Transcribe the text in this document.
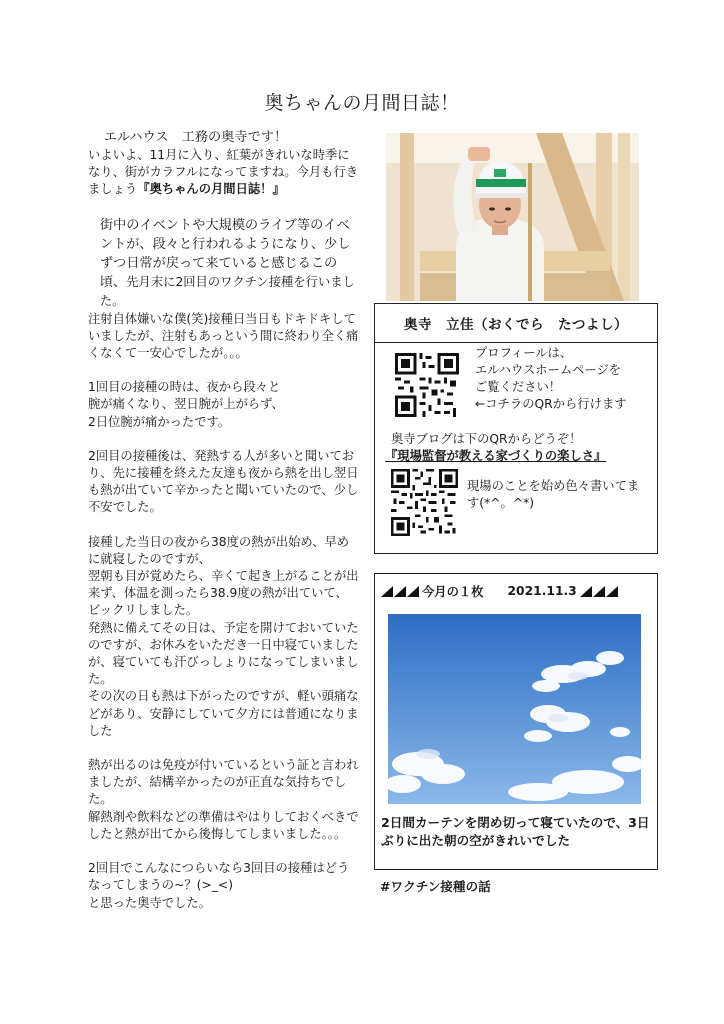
奥ちゃんの月間日誌！

エルハウス　工務の奥寺です！

いよいよ、11月に入り、紅葉がきれいな時季になり、街がカラフルになってますね。今月も行きましょう『奥ちゃんの月間日誌！』

街中のイベントや大規模のライブ等のイベントが、段々と行われるようになり、少しずつ日常が戻って来ていると感じるこの頃、先月末に2回目のワクチン接種を行いました。

注射自体嫌いな僕(笑)接種日当日もドキドキしていましたが、注射もあっという間に終わり全く痛くなくて一安心でしたが。。。

1回目の接種の時は、夜から段々と

腕が痛くなり、翌日腕が上がらず、

2日位腕が痛かったです。

2回目の接種後は、発熱する人が多いと聞いており、先に接種を終えた友達も夜から熱を出し翌日も熱が出ていて辛かったと聞いていたので、少し不安でした。

接種した当日の夜から38度の熱が出始め、早めに就寝したのですが、

翌朝も目が覚めたら、辛くて起き上がることが出来ず、体温を測ったら38.9度の熱が出ていて、ビックリしました。

発熱に備えてその日は、予定を開けておいていたのですが、お休みをいただき一日中寝ていましたが、寝ていても汗びっしょりになってしまいました。

その次の日も熱は下がったのですが、軽い頭痛などがあり、安静にしていて夕方には普通になりました

熱が出るのは免疫が付いているという証と言われましたが、結構辛かったのが正直な気持ちでした。

解熱剤や飲料などの準備はやはりしておくべきでしたと熱が出てから後悔してしまいました。。。

2回目でこんなにつらいなら3回目の接種はどうなってしまうの~？(>_<)

と思った奥寺でした。

奥寺　立佳（おくでら　たつよし）
プロフィールは、
エルハウスホームページを
ご覧ください！
←コチラのQRから行けます
奥寺ブログは下のQRからどうぞ！
『現場監督が教える家づくりの楽しさ』
現場のことを始め色々書いてます(*^。^*)
今月の１枚 2021.11.3
2日間カーテンを閉め切って寝ていたので、3日ぶりに出た朝の空がきれいでした
#ワクチン接種の話
